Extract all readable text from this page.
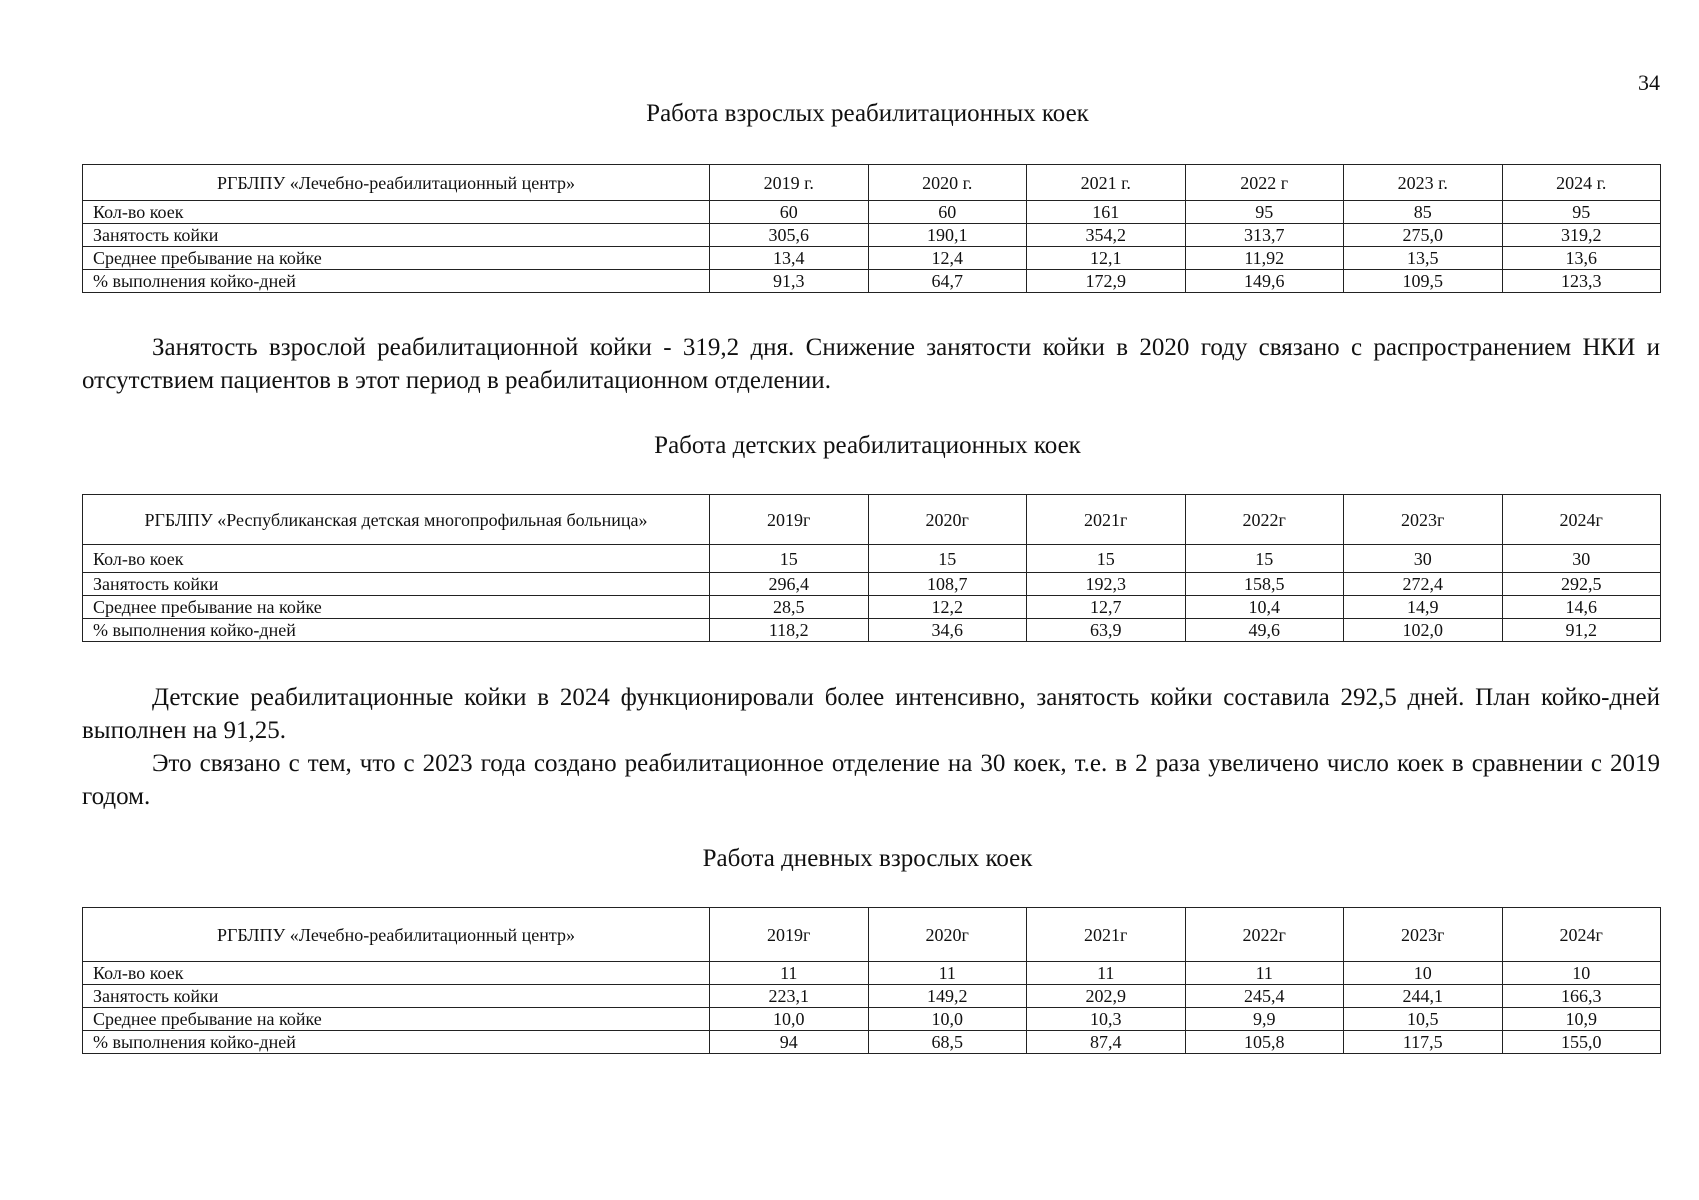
34
Работа взрослых реабилитационных коек
РГБЛПУ «Лечебно-реабилитационный центр»	2019 г.	2020 г.	2021 г.	2022 г	2023 г.	2024 г.
Кол-во коек	60	60	161	95	85	95
Занятость койки	305,6	190,1	354,2	313,7	275,0	319,2
Среднее пребывание на койке	13,4	12,4	12,1	11,92	13,5	13,6
% выполнения койко-дней	91,3	64,7	172,9	149,6	109,5	123,3

Занятость взрослой реабилитационной койки - 319,2 дня. Снижение занятости койки в 2020 году связано с распространением НКИ и отсутствием пациентов в этот период в реабилитационном отделении.

Работа детских реабилитационных коек
РГБЛПУ «Республиканская детская многопрофильная больница»	2019г	2020г	2021г	2022г	2023г	2024г
Кол-во коек	15	15	15	15	30	30
Занятость койки	296,4	108,7	192,3	158,5	272,4	292,5
Среднее пребывание на койке	28,5	12,2	12,7	10,4	14,9	14,6
% выполнения койко-дней	118,2	34,6	63,9	49,6	102,0	91,2

Детские реабилитационные койки в 2024 функционировали более интенсивно, занятость койки составила 292,5 дней. План койко-дней выполнен на 91,25.

Это связано с тем, что с 2023 года создано реабилитационное отделение на 30 коек, т.е. в 2 раза увеличено число коек в сравнении с 2019 годом.

Работа дневных взрослых коек
РГБЛПУ «Лечебно-реабилитационный центр»	2019г	2020г	2021г	2022г	2023г	2024г
Кол-во коек	11	11	11	11	10	10
Занятость койки	223,1	149,2	202,9	245,4	244,1	166,3
Среднее пребывание на койке	10,0	10,0	10,3	9,9	10,5	10,9
% выполнения койко-дней	94	68,5	87,4	105,8	117,5	155,0
